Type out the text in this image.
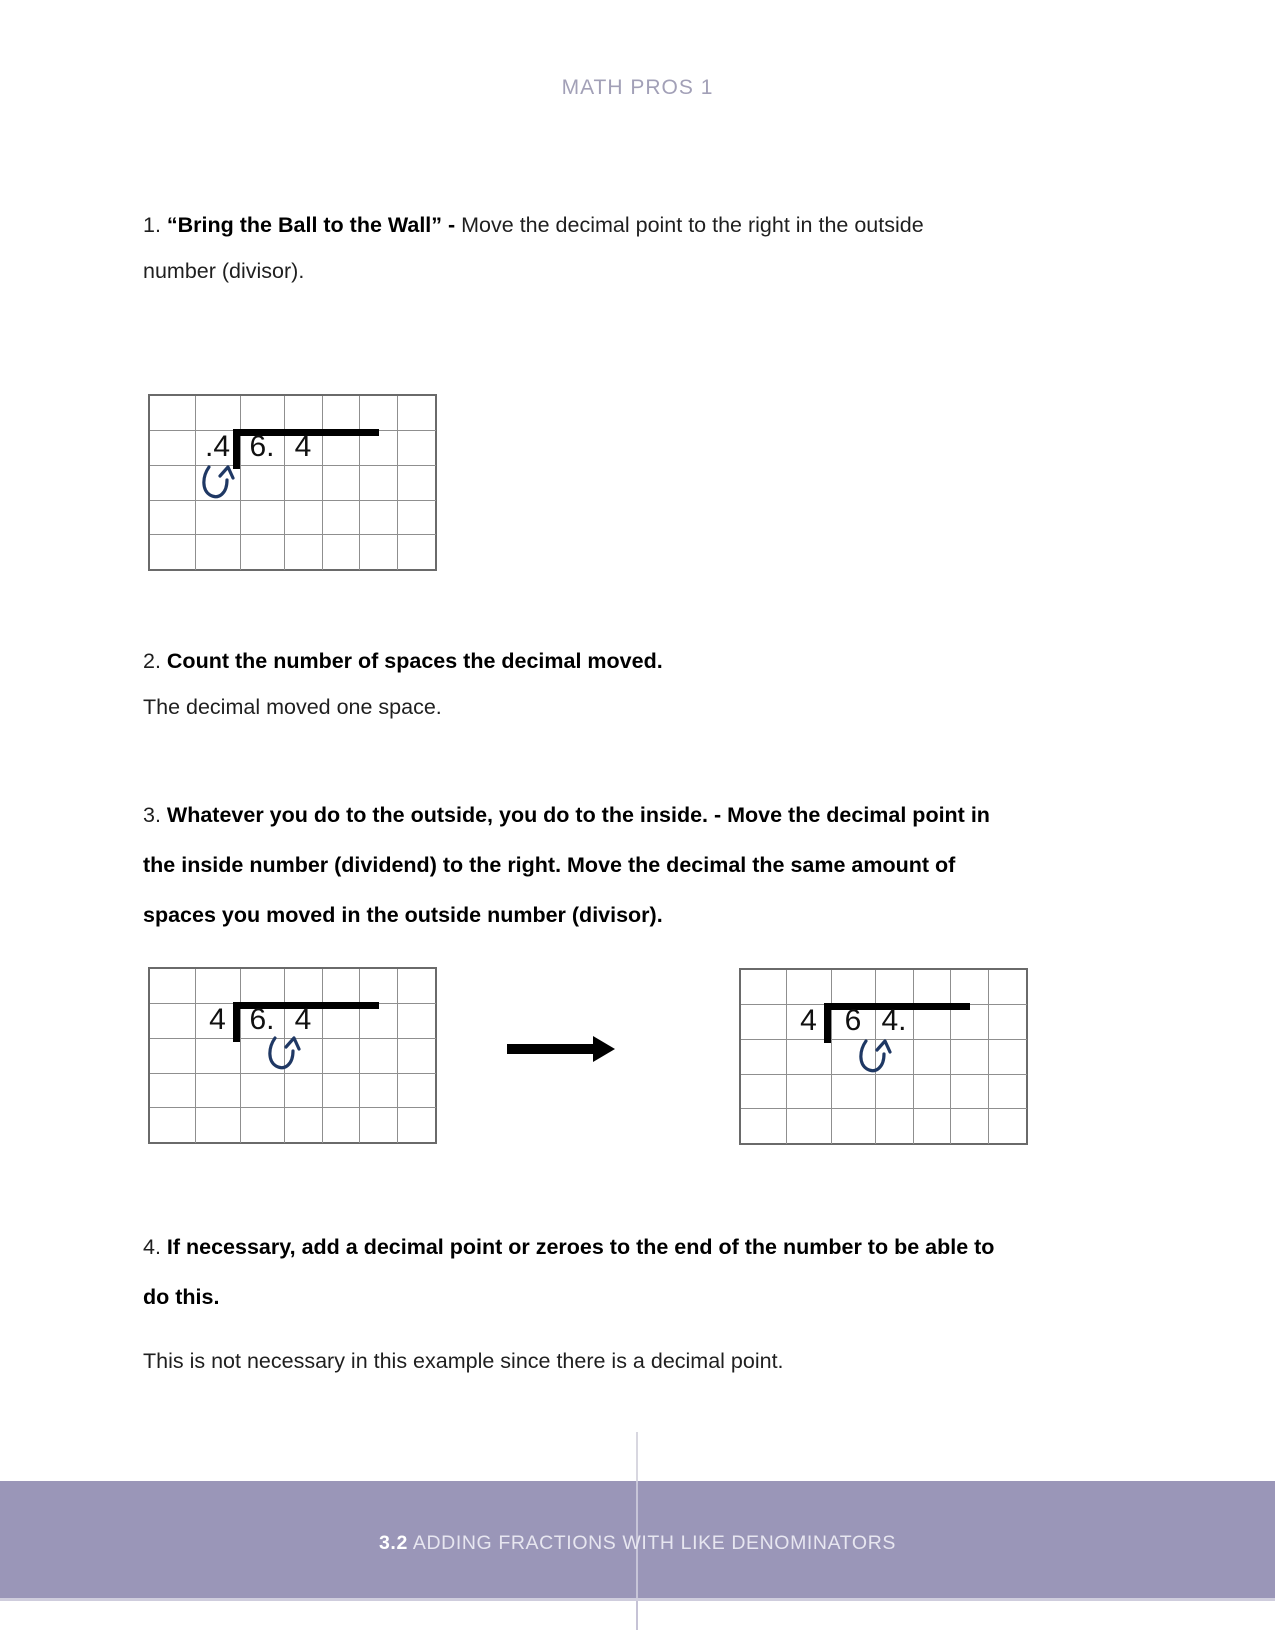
MATH PROS 1
1. “Bring the Ball to the Wall” - Move the decimal point to the right in the outside
number (divisor).
.4 6. 4
2. Count the number of spaces the decimal moved.
The decimal moved one space.
3. Whatever you do to the outside, you do to the inside. - Move the decimal point in
the inside number (dividend) to the right. Move the decimal the same amount of
spaces you moved in the outside number (divisor).
4 6. 4	4 6 4.
4. If necessary, add a decimal point or zeroes to the end of the number to be able to
do this.
This is not necessary in this example since there is a decimal point.
3.2 ADDING FRACTIONS WITH LIKE DENOMINATORS
